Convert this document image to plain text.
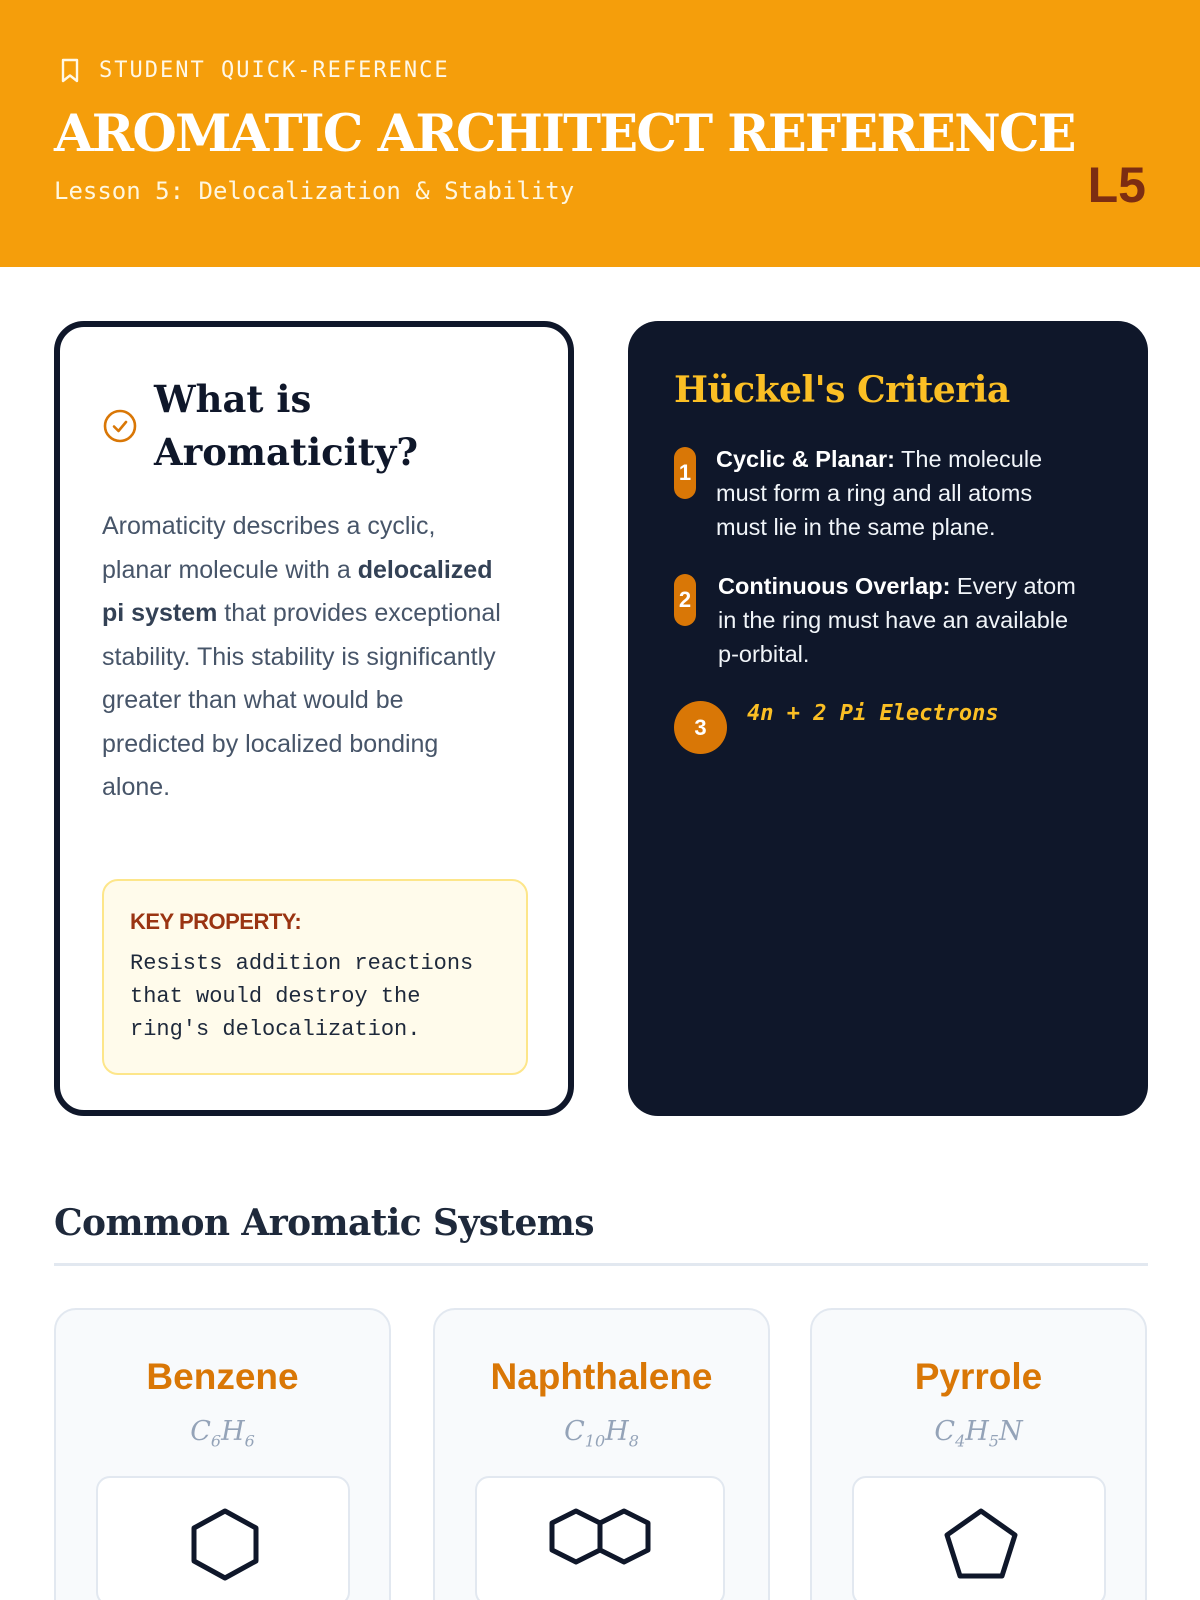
STUDENT QUICK-REFERENCE
AROMATIC ARCHITECT REFERENCE
Lesson 5: Delocalization & Stability	L5
What is Aromaticity?

Aromaticity describes a cyclic, planar molecule with a delocalized pi system that provides exceptional stability. This stability is significantly greater than what would be predicted by localized bonding alone.

KEY PROPERTY:
Resists addition reactions that would destroy the ring's delocalization.
Hückel's Criteria
1
Cyclic & Planar: The molecule must form a ring and all atoms must lie in the same plane.
2
Continuous Overlap: Every atom in the ring must have an available p-orbital.
3
4n + 2 Pi Electrons
Common Aromatic Systems
Benzene
$C_6H_6$
Naphthalene
$C_{10}H_8$
Pyrrole
$C_4H_5N$
